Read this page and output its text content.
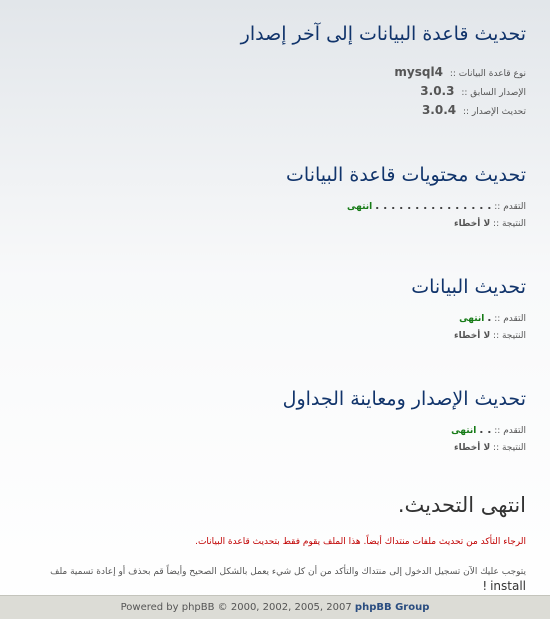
تحديث قاعدة البيانات إلى آخر إصدار
نوع قاعدة البيانات :: mysql4
الإصدار السابق :: 3.0.3
تحديث الإصدار :: 3.0.4
تحديث محتويات قاعدة البيانات
التقدم :: . . . . . . . . . . . . . . . انتهى
النتيجة :: لا أخطاء
تحديث البيانات
التقدم :: . انتهى
النتيجة :: لا أخطاء
تحديث الإصدار ومعاينة الجداول
التقدم :: . . انتهى
النتيجة :: لا أخطاء
انتهى التحديث.
الرجاء التأكد من تحديث ملفات منتداك أيضاً. هذا الملف يقوم فقط بتحديث قاعدة البيانات.
يتوجب عليك الآن تسجيل الدخول إلى منتداك والتأكد من أن كل شيء يعمل بالشكل الصحيح وأيضاً قم بحذف أو إعادة تسمية ملف install !
Powered by phpBB © 2000, 2002, 2005, 2007 phpBB Group
